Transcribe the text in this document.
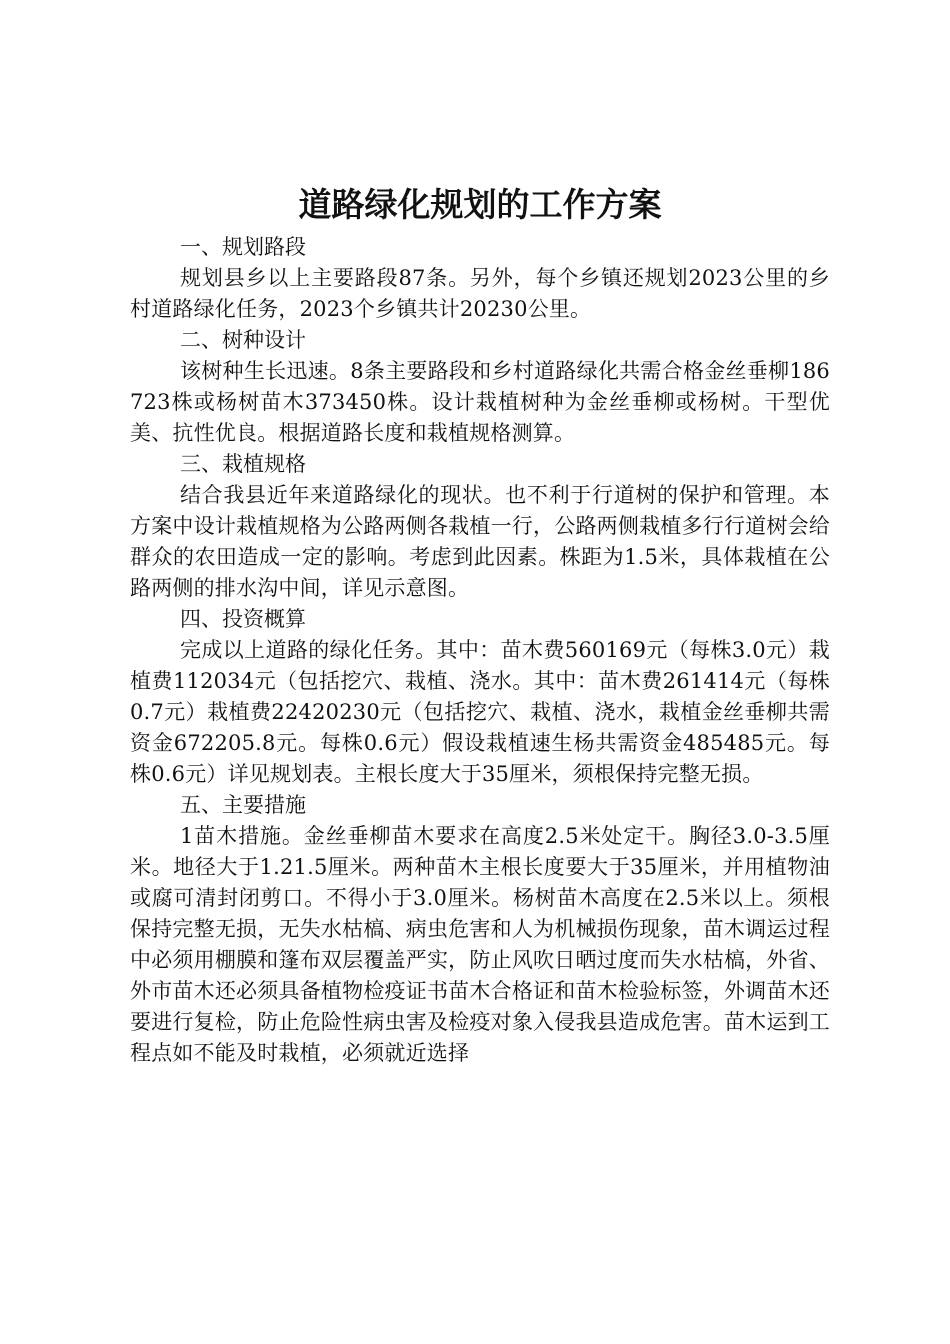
道路绿化规划的工作方案

一、规划路段

规划县乡以上主要路段87条。另外，每个乡镇还规划2023公里的乡村道路绿化任务，2023个乡镇共计20230公里。

二、树种设计

该树种生长迅速。8条主要路段和乡村道路绿化共需合格金丝垂柳186723株或杨树苗木373450株。设计栽植树种为金丝垂柳或杨树。干型优美、抗性优良。根据道路长度和栽植规格测算。

三、栽植规格

结合我县近年来道路绿化的现状。也不利于行道树的保护和管理。本方案中设计栽植规格为公路两侧各栽植一行，公路两侧栽植多行行道树会给群众的农田造成一定的影响。考虑到此因素。株距为1.5米，具体栽植在公路两侧的排水沟中间，详见示意图。

四、投资概算

完成以上道路的绿化任务。其中：苗木费560169元（每株3.0元）栽植费112034元（包括挖穴、栽植、浇水。其中：苗木费261414元（每株0.7元）栽植费22420230元（包括挖穴、栽植、浇水，栽植金丝垂柳共需资金672205.8元。每株0.6元）假设栽植速生杨共需资金485485元。每株0.6元）详见规划表。主根长度大于35厘米，须根保持完整无损。

五、主要措施

1苗木措施。金丝垂柳苗木要求在高度2.5米处定干。胸径3.0-3.5厘米。地径大于1.21.5厘米。两种苗木主根长度要大于35厘米，并用植物油或腐可清封闭剪口。不得小于3.0厘米。杨树苗木高度在2.5米以上。须根保持完整无损，无失水枯槁、病虫危害和人为机械损伤现象，苗木调运过程中必须用棚膜和篷布双层覆盖严实，防止风吹日晒过度而失水枯槁，外省、外市苗木还必须具备植物检疫证书苗木合格证和苗木检验标签，外调苗木还要进行复检，防止危险性病虫害及检疫对象入侵我县造成危害。苗木运到工程点如不能及时栽植，必须就近选择
